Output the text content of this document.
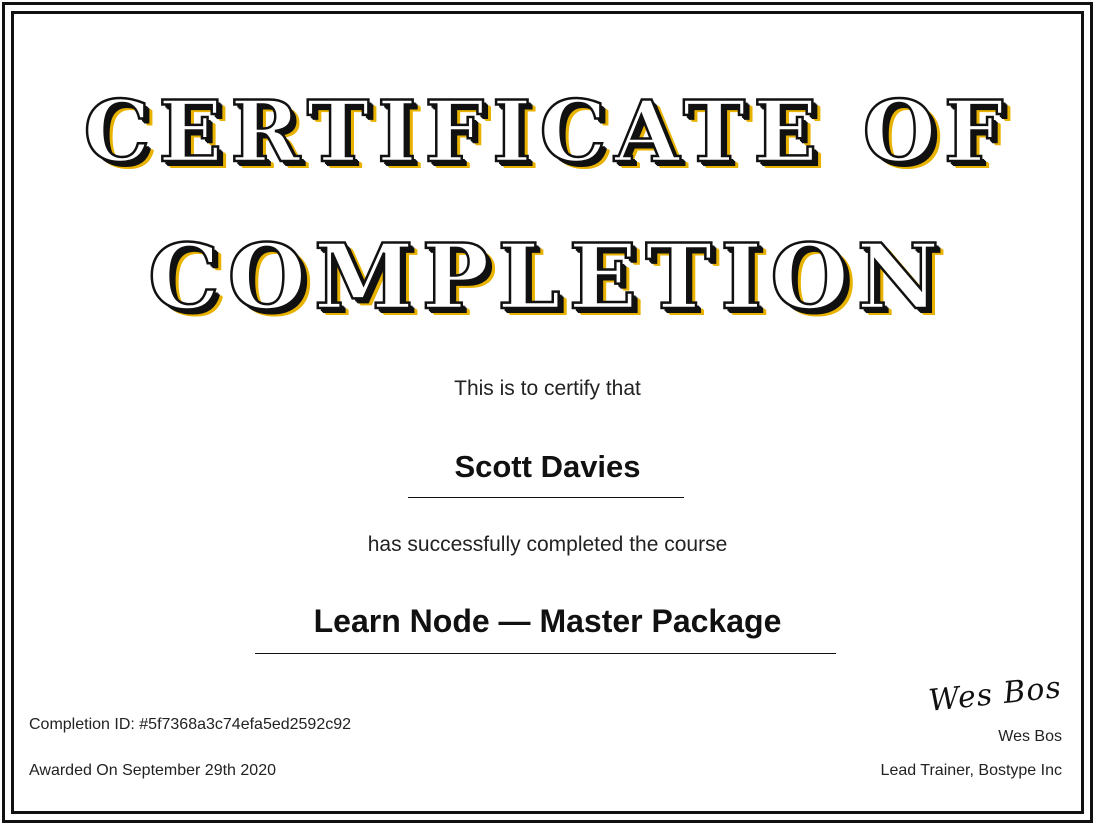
CERTIFICATE OF
COMPLETION
This is to certify that
Scott Davies
has successfully completed the course
Learn Node — Master Package
Completion ID: #5f7368a3c74efa5ed2592c92
Awarded On September 29th 2020
Wes Bos
Wes Bos
Lead Trainer, Bostype Inc
